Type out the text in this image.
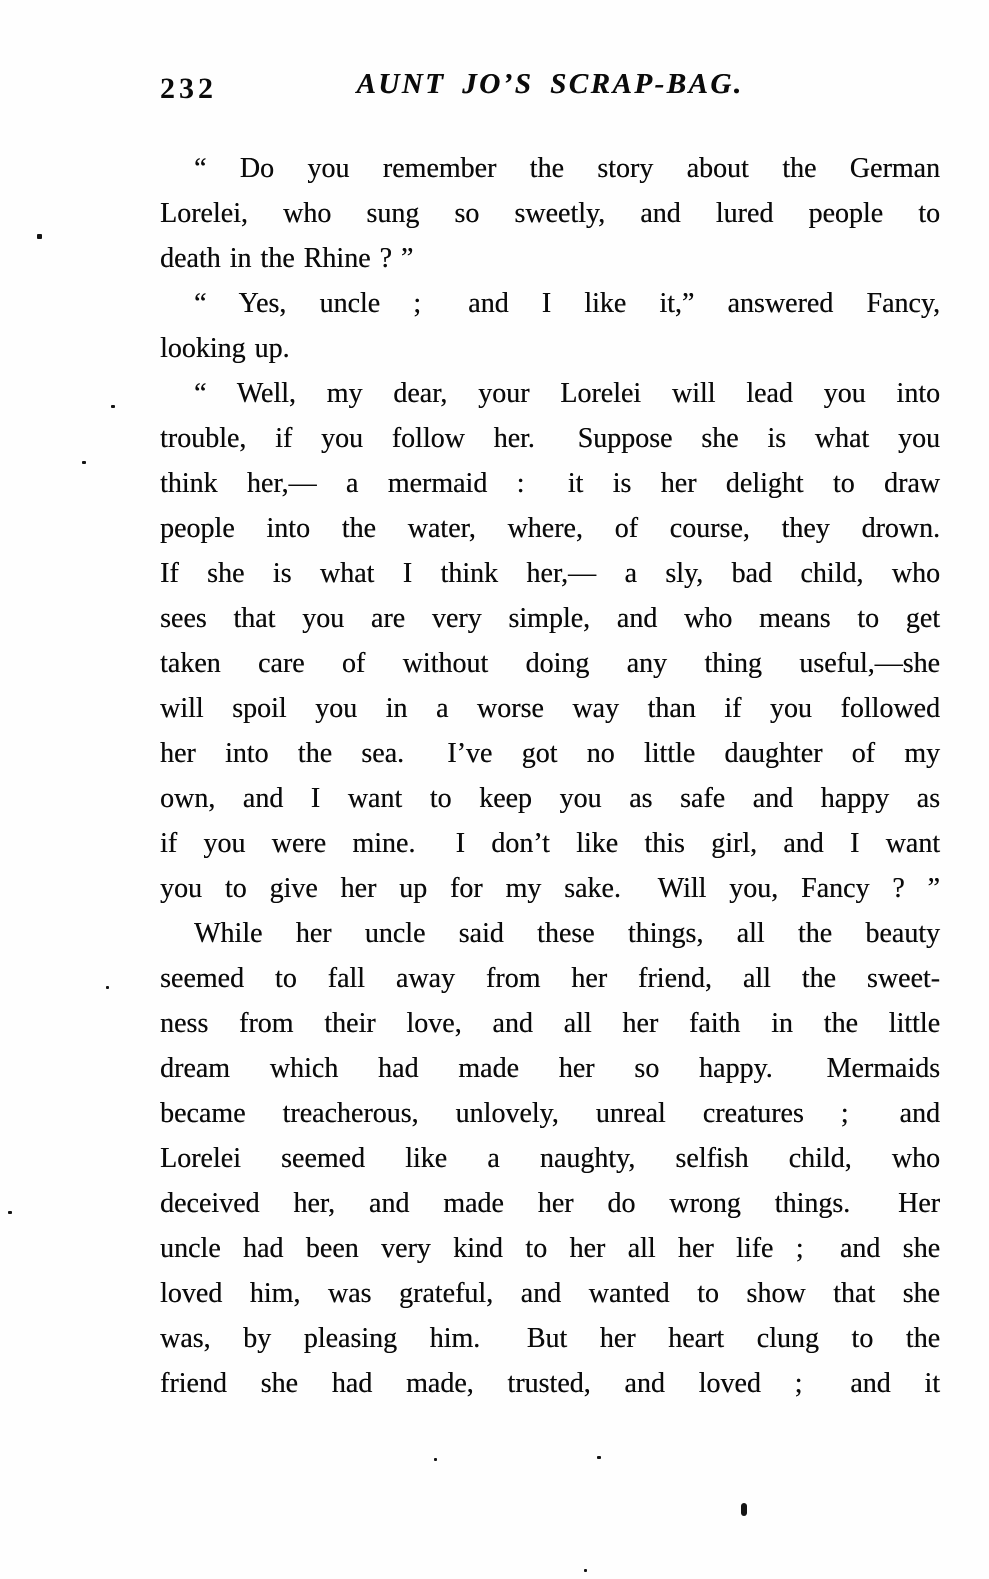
232	AUNT JO’S SCRAP-BAG.
“ Do you remember the story about the German
Lorelei, who sung so sweetly, and lured people to
death in the Rhine ? ”
“ Yes, uncle ;  and I like it,” answered Fancy,
looking up.
“ Well, my dear, your Lorelei will lead you into
trouble, if you follow her.  Suppose she is what you
think her,— a mermaid :  it is her delight to draw
people into the water, where, of course, they drown.
If she is what I think her,— a sly, bad child, who
sees that you are very simple, and who means to get
taken care of without doing any thing useful,—she
will spoil you in a worse way than if you followed
her into the sea.  I’ve got no little daughter of my
own, and I want to keep you as safe and happy as
if you were mine.  I don’t like this girl, and I want
you to give her up for my sake.  Will you, Fancy ? ”
While her uncle said these things, all the beauty
seemed to fall away from her friend, all the sweet-
ness from their love, and all her faith in the little
dream which had made her so happy.  Mermaids
became treacherous, unlovely, unreal creatures ;  and
Lorelei seemed like a naughty, selfish child, who
deceived her, and made her do wrong things.  Her
uncle had been very kind to her all her life ;  and she
loved him, was grateful, and wanted to show that she
was, by pleasing him.  But her heart clung to the
friend she had made, trusted, and loved ;  and it
